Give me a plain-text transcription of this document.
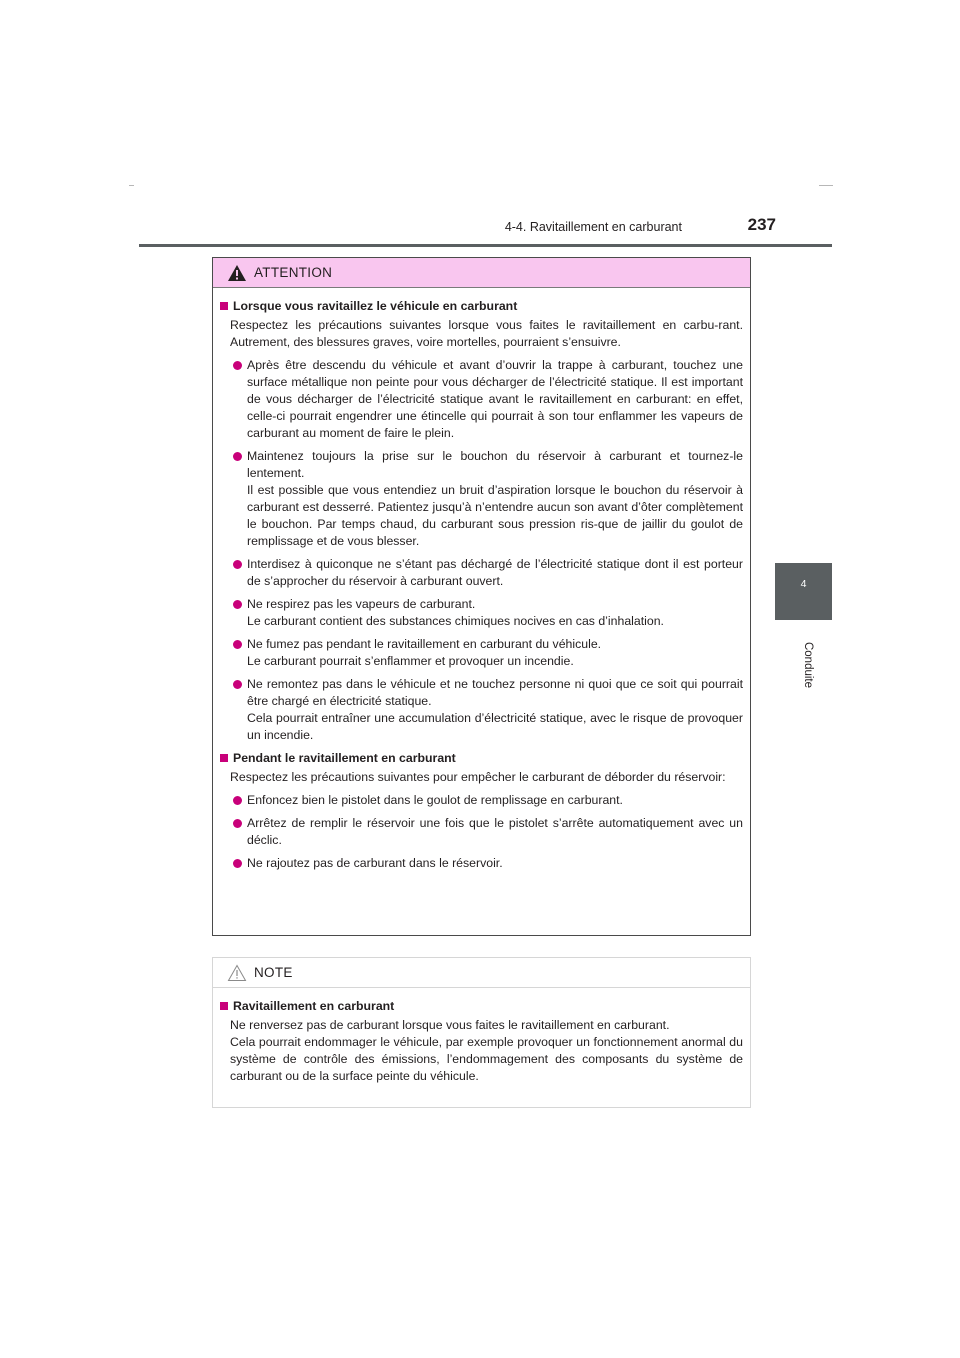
4-4. Ravitaillement en carburant	237
4
Conduite
ATTENTION
Lorsque vous ravitaillez le véhicule en carburant
Respectez les précautions suivantes lorsque vous faites le ravitaillement en carbu-rant. Autrement, des blessures graves, voire mortelles, pourraient s’ensuivre.
Après être descendu du véhicule et avant d’ouvrir la trappe à carburant, touchez une surface métallique non peinte pour vous décharger de l’électricité statique. Il est important de vous décharger de l’électricité statique avant le ravitaillement en carburant: en effet, celle-ci pourrait engendrer une étincelle qui pourrait à son tour enflammer les vapeurs de carburant au moment de faire le plein.
Maintenez toujours la prise sur le bouchon du réservoir à carburant et tournez-le lentement.
Il est possible que vous entendiez un bruit d’aspiration lorsque le bouchon du réservoir à carburant est desserré. Patientez jusqu’à n’entendre aucun son avant d’ôter complètement le bouchon. Par temps chaud, du carburant sous pression ris-que de jaillir du goulot de remplissage et de vous blesser.
Interdisez à quiconque ne s’étant pas déchargé de l’électricité statique dont il est porteur de s’approcher du réservoir à carburant ouvert.
Ne respirez pas les vapeurs de carburant.
Le carburant contient des substances chimiques nocives en cas d’inhalation.
Ne fumez pas pendant le ravitaillement en carburant du véhicule.
Le carburant pourrait s’enflammer et provoquer un incendie.
Ne remontez pas dans le véhicule et ne touchez personne ni quoi que ce soit qui pourrait être chargé en électricité statique.
Cela pourrait entraîner une accumulation d’électricité statique, avec le risque de provoquer un incendie.
Pendant le ravitaillement en carburant
Respectez les précautions suivantes pour empêcher le carburant de déborder du réservoir:
Enfoncez bien le pistolet dans le goulot de remplissage en carburant.
Arrêtez de remplir le réservoir une fois que le pistolet s’arrête automatiquement avec un déclic.
Ne rajoutez pas de carburant dans le réservoir.
NOTE
Ravitaillement en carburant
Ne renversez pas de carburant lorsque vous faites le ravitaillement en carburant.
Cela pourrait endommager le véhicule, par exemple provoquer un fonctionnement anormal du système de contrôle des émissions, l’endommagement des composants du système de carburant ou de la surface peinte du véhicule.
